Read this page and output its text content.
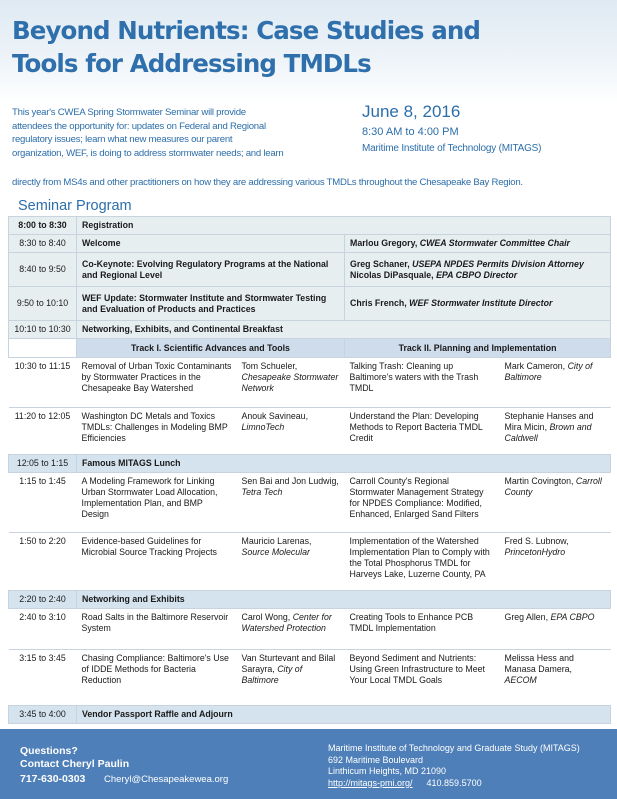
Beyond Nutrients: Case Studies and
Tools for Addressing TMDLs
This year's CWEA Spring Stormwater Seminar will provide
attendees the opportunity for: updates on Federal and Regional
regulatory issues; learn what new measures our parent
organization, WEF, is doing to address stormwater needs; and learn
directly from MS4s and other practitioners on how they are addressing various TMDLs throughout the Chesapeake Bay Region.
June 8, 2016
8:30 AM to 4:00 PM
Maritime Institute of Technology (MITAGS)
Seminar Program
8:00 to 8:30	Registration			
8:30 to 8:40	Welcome		Marlou Gregory, CWEA Stormwater Committee Chair	
8:40 to 9:50	Co-Keynote: Evolving Regulatory Programs at the National and Regional Level		Greg Schaner, USEPA NPDES Permits Division Attorney
Nicolas DiPasquale, EPA CBPO Director	

9:50 to 10:10	WEF Update: Stormwater Institute and Stormwater Testing and Evaluation of Products and Practices		Chris French, WEF Stormwater Institute Director	
10:10 to 10:30	Networking, Exhibits, and Continental Breakfast			
	Track I. Scientific Advances and Tools		Track II. Planning and Implementation	
10:30 to 11:15	Removal of Urban Toxic Contaminants by Stormwater Practices in the Chesapeake Bay Watershed	Tom Schueler, Chesapeake Stormwater Network	Talking Trash: Cleaning up Baltimore's waters with the Trash TMDL	Mark Cameron, City of Baltimore
11:20 to 12:05	Washington DC Metals and Toxics TMDLs: Challenges in Modeling BMP Efficiencies	Anouk Savineau, LimnoTech	Understand the Plan: Developing Methods to Report Bacteria TMDL Credit	Stephanie Hanses and Mira Micin, Brown and Caldwell
12:05 to 1:15	Famous MITAGS Lunch			
1:15 to 1:45	A Modeling Framework for Linking Urban Stormwater Load Allocation, Implementation Plan, and BMP Design	Sen Bai and Jon Ludwig, Tetra Tech	Carroll County's Regional Stormwater Management Strategy for NPDES Compliance: Modified, Enhanced, Enlarged Sand Filters	Martin Covington, Carroll County
1:50 to 2:20	Evidence-based Guidelines for Microbial Source Tracking Projects	Mauricio Larenas, Source Molecular	Implementation of the Watershed Implementation Plan to Comply with the Total Phosphorus TMDL for Harveys Lake, Luzerne County, PA	Fred S. Lubnow, PrincetonHydro
2:20 to 2:40	Networking and Exhibits			
2:40 to 3:10	Road Salts in the Baltimore Reservoir System	Carol Wong, Center for Watershed Protection	Creating Tools to Enhance PCB TMDL Implementation	Greg Allen, EPA CBPO
3:15 to 3:45	Chasing Compliance: Baltimore's Use of IDDE Methods for Bacteria Reduction	Van Sturtevant and Bilal Sarayra, City of Baltimore	Beyond Sediment and Nutrients: Using Green Infrastructure to Meet Your Local TMDL Goals	Melissa Hess and Manasa Damera, AECOM
3:45 to 4:00	Vendor Passport Raffle and Adjourn			
Questions?
Contact Cheryl Paulin
717-630-0303 Cheryl@Chesapeakewea.org
Maritime Institute of Technology and Graduate Study (MITAGS)
692 Maritime Boulevard
Linthicum Heights, MD 21090
http://mitags-pmi.org/ 410.859.5700
